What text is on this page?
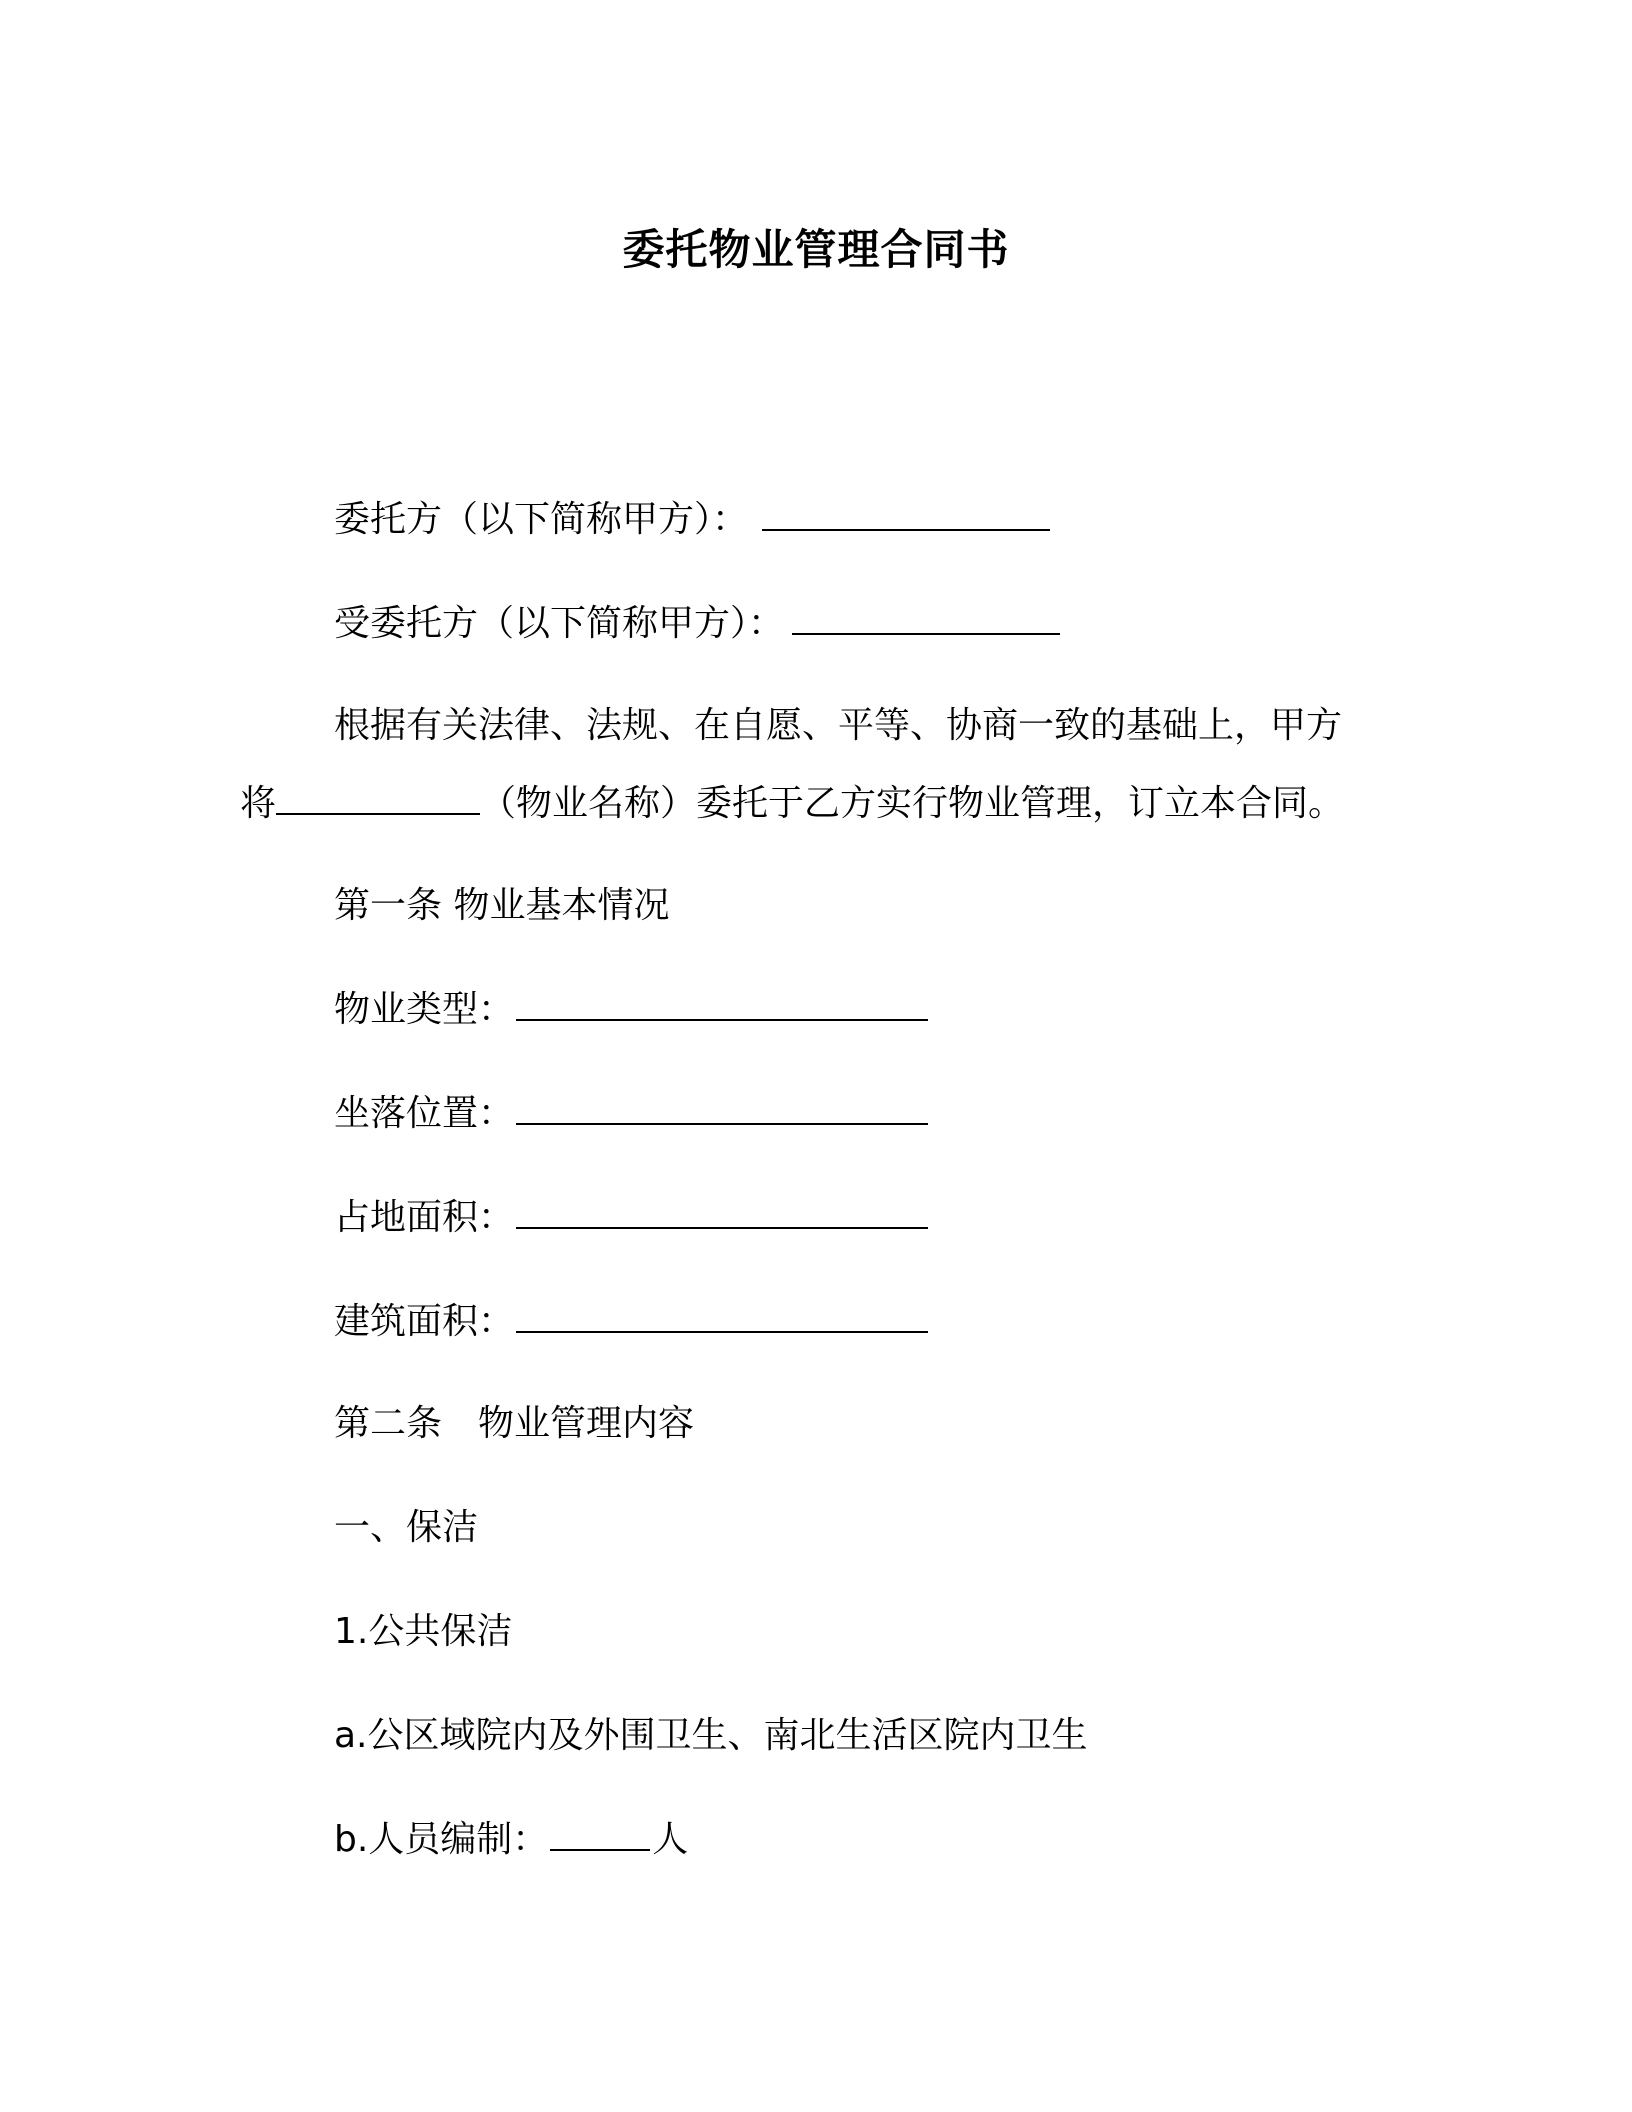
委托物业管理合同书
委托方（以下简称甲方）：
受委托方（以下简称甲方）：
根据有关法律、法规、在自愿、平等、协商一致的基础上，甲方
将	（物业名称）委托于乙方实行物业管理，订立本合同。
第一条 物业基本情况
物业类型：
坐落位置：
占地面积：
建筑面积：
第二条　物业管理内容
一、保洁
1.公共保洁
a.公区域院内及外围卫生、南北生活区院内卫生
b.人员编制：	人
